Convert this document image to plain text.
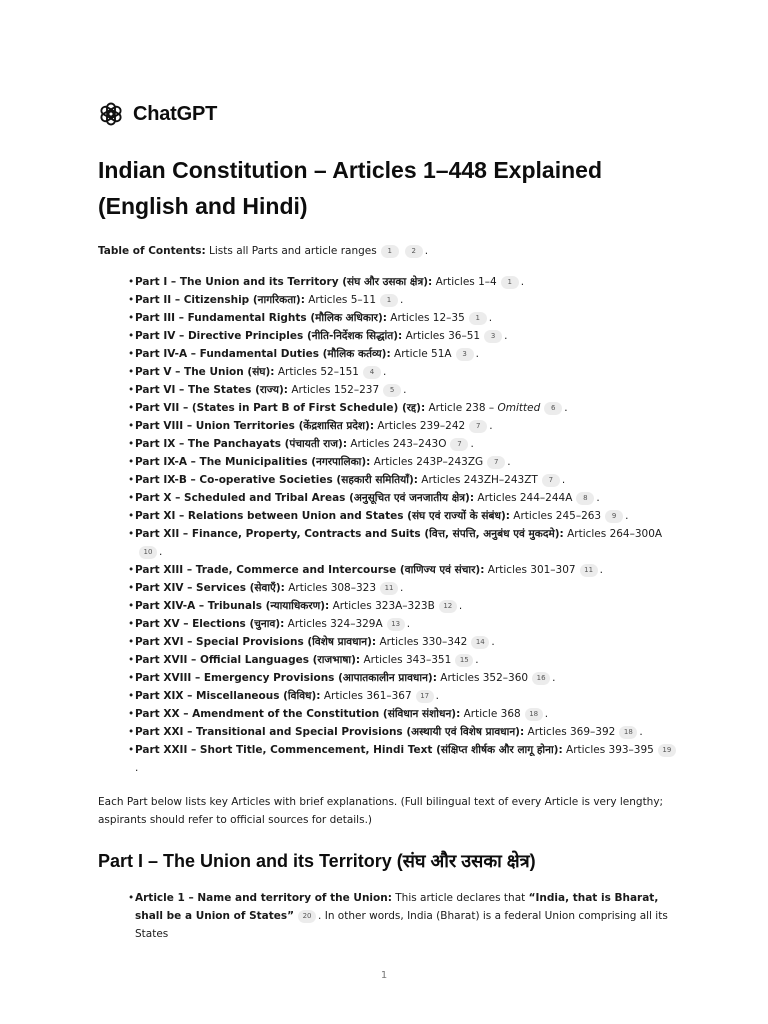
ChatGPT
Indian Constitution – Articles 1–448 Explained (English and Hindi)
Table of Contents: Lists all Parts and article ranges 1	2 .
• Part I – The Union and its Territory (संघ और उसका क्षेत्र): Articles 1–4 1 .
• Part II – Citizenship (नागरिकता): Articles 5–11 1 .
• Part III – Fundamental Rights (मौलिक अधिकार): Articles 12–35 1 .
• Part IV – Directive Principles (नीति-निर्देशक सिद्धांत): Articles 36–51 3 .
• Part IV-A – Fundamental Duties (मौलिक कर्तव्य): Article 51A 3 .
• Part V – The Union (संघ): Articles 52–151 4 .
• Part VI – The States (राज्य): Articles 152–237 5 .
• Part VII – (States in Part B of First Schedule) (रद्द): Article 238 – Omitted 6 .
• Part VIII – Union Territories (केंद्रशासित प्रदेश): Articles 239–242 7 .
• Part IX – The Panchayats (पंचायती राज): Articles 243–243O 7 .
• Part IX-A – The Municipalities (नगरपालिका): Articles 243P–243ZG 7 .
• Part IX-B – Co-operative Societies (सहकारी समितियाँ): Articles 243ZH–243ZT 7 .
• Part X – Scheduled and Tribal Areas (अनुसूचित एवं जनजातीय क्षेत्र): Articles 244–244A 8 .
• Part XI – Relations between Union and States (संघ एवं राज्यों के संबंध): Articles 245–263 9 .
• Part XII – Finance, Property, Contracts and Suits (वित्त, संपत्ति, अनुबंध एवं मुकदमे): Articles 264–300A10 .
• Part XIII – Trade, Commerce and Intercourse (वाणिज्य एवं संचार): Articles 301–307 11 .
• Part XIV – Services (सेवाएँ): Articles 308–323 11 .
• Part XIV-A – Tribunals (न्यायाधिकरण): Articles 323A–323B 12 .
• Part XV – Elections (चुनाव): Articles 324–329A 13 .
• Part XVI – Special Provisions (विशेष प्रावधान): Articles 330–342 14 .
• Part XVII – Official Languages (राजभाषा): Articles 343–351 15 .
• Part XVIII – Emergency Provisions (आपातकालीन प्रावधान): Articles 352–360 16 .
• Part XIX – Miscellaneous (विविध): Articles 361–367 17 .
• Part XX – Amendment of the Constitution (संविधान संशोधन): Article 368 18 .
• Part XXI – Transitional and Special Provisions (अस्थायी एवं विशेष प्रावधान): Articles 369–392 18 .
• Part XXII – Short Title, Commencement, Hindi Text (संक्षिप्त शीर्षक और लागू होना): Articles 393–395 19.
Each Part below lists key Articles with brief explanations. (Full bilingual text of every Article is very lengthy; aspirants should refer to official sources for details.)
Part I – The Union and its Territory (संघ और उसका क्षेत्र)
• Article 1 – Name and territory of the Union: This article declares that “India, that is Bharat, shall be a Union of States” 20 . In other words, India (Bharat) is a federal Union comprising all its States
1
